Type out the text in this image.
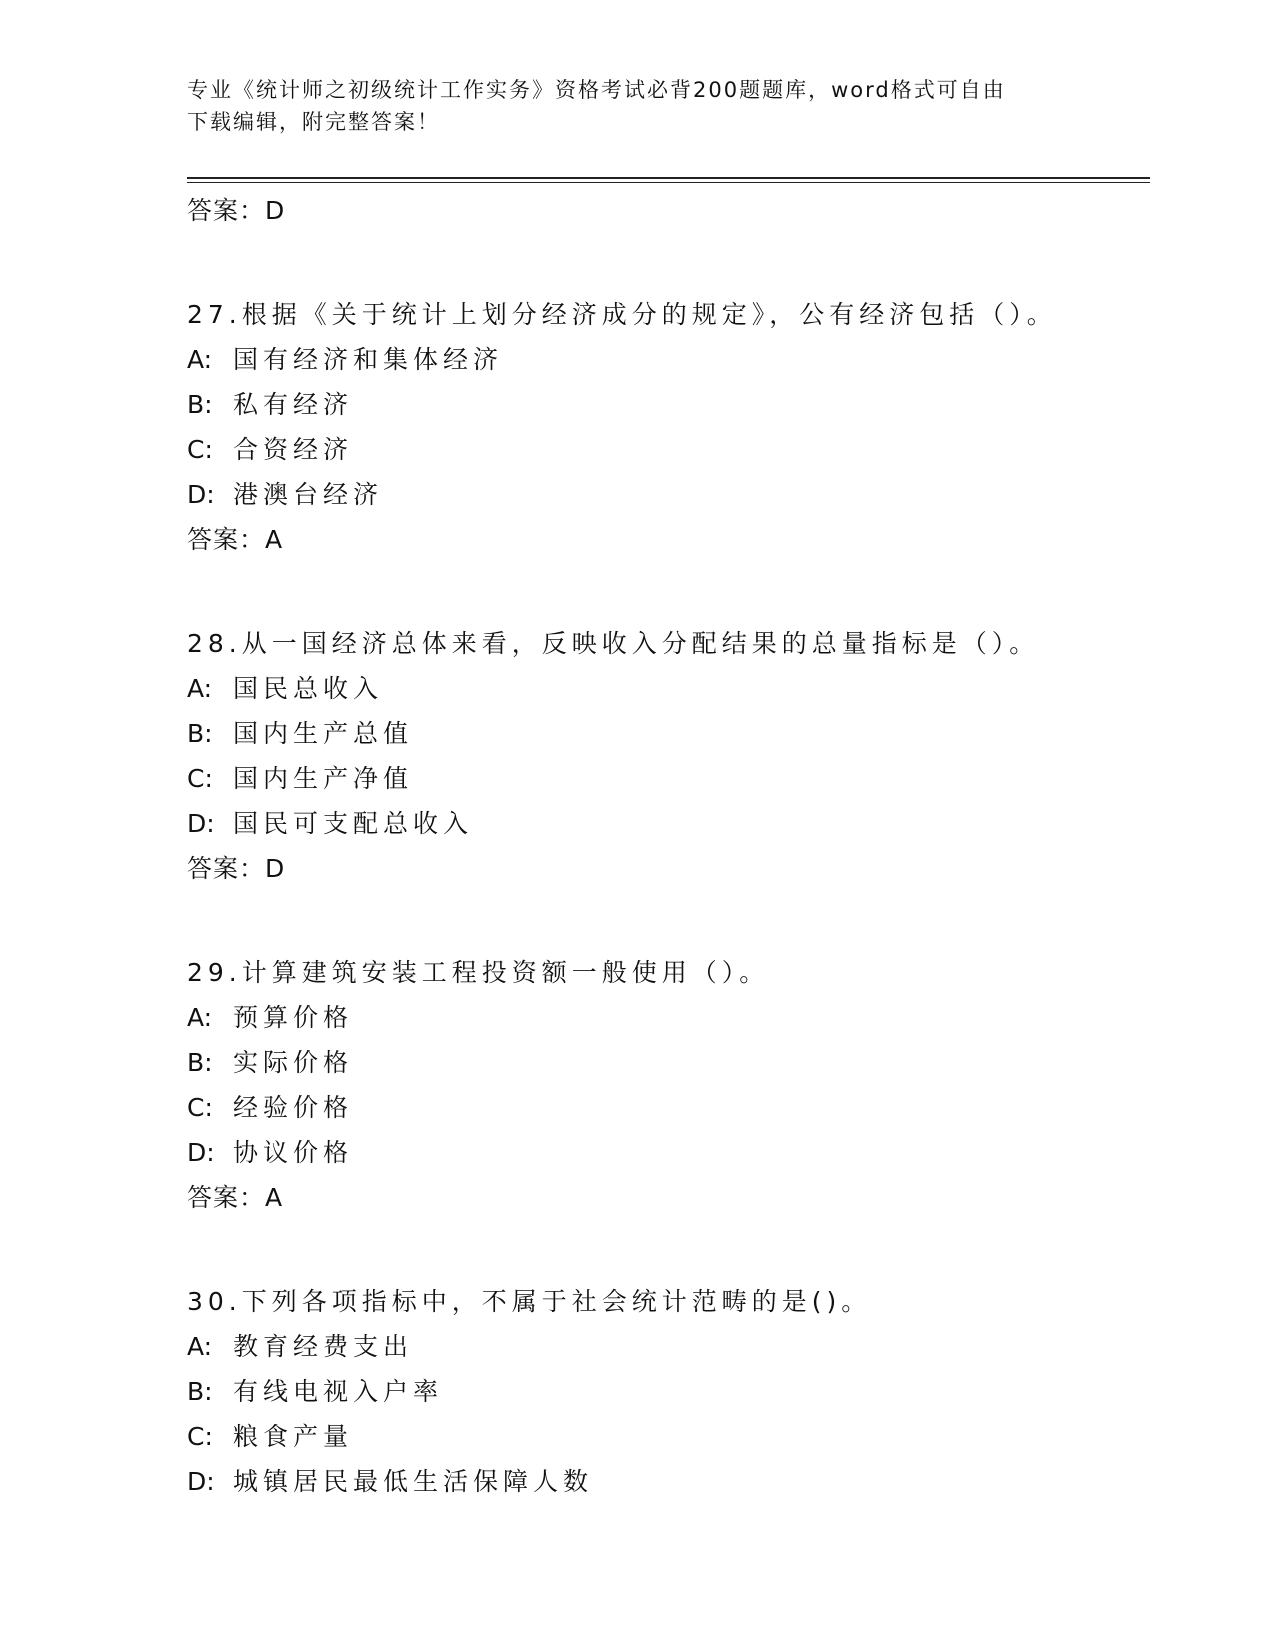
专业《统计师之初级统计工作实务》资格考试必背200题题库，word格式可自由
下载编辑，附完整答案！
答案：D
27.根据《关于统计上划分经济成分的规定》，公有经济包括（）。
A: 国有经济和集体经济
B: 私有经济
C: 合资经济
D: 港澳台经济
答案：A
28.从一国经济总体来看，反映收入分配结果的总量指标是（）。
A: 国民总收入
B: 国内生产总值
C: 国内生产净值
D: 国民可支配总收入
答案：D
29.计算建筑安装工程投资额一般使用（）。
A: 预算价格
B: 实际价格
C: 经验价格
D: 协议价格
答案：A
30.下列各项指标中，不属于社会统计范畴的是()。
A: 教育经费支出
B: 有线电视入户率
C: 粮食产量
D: 城镇居民最低生活保障人数
